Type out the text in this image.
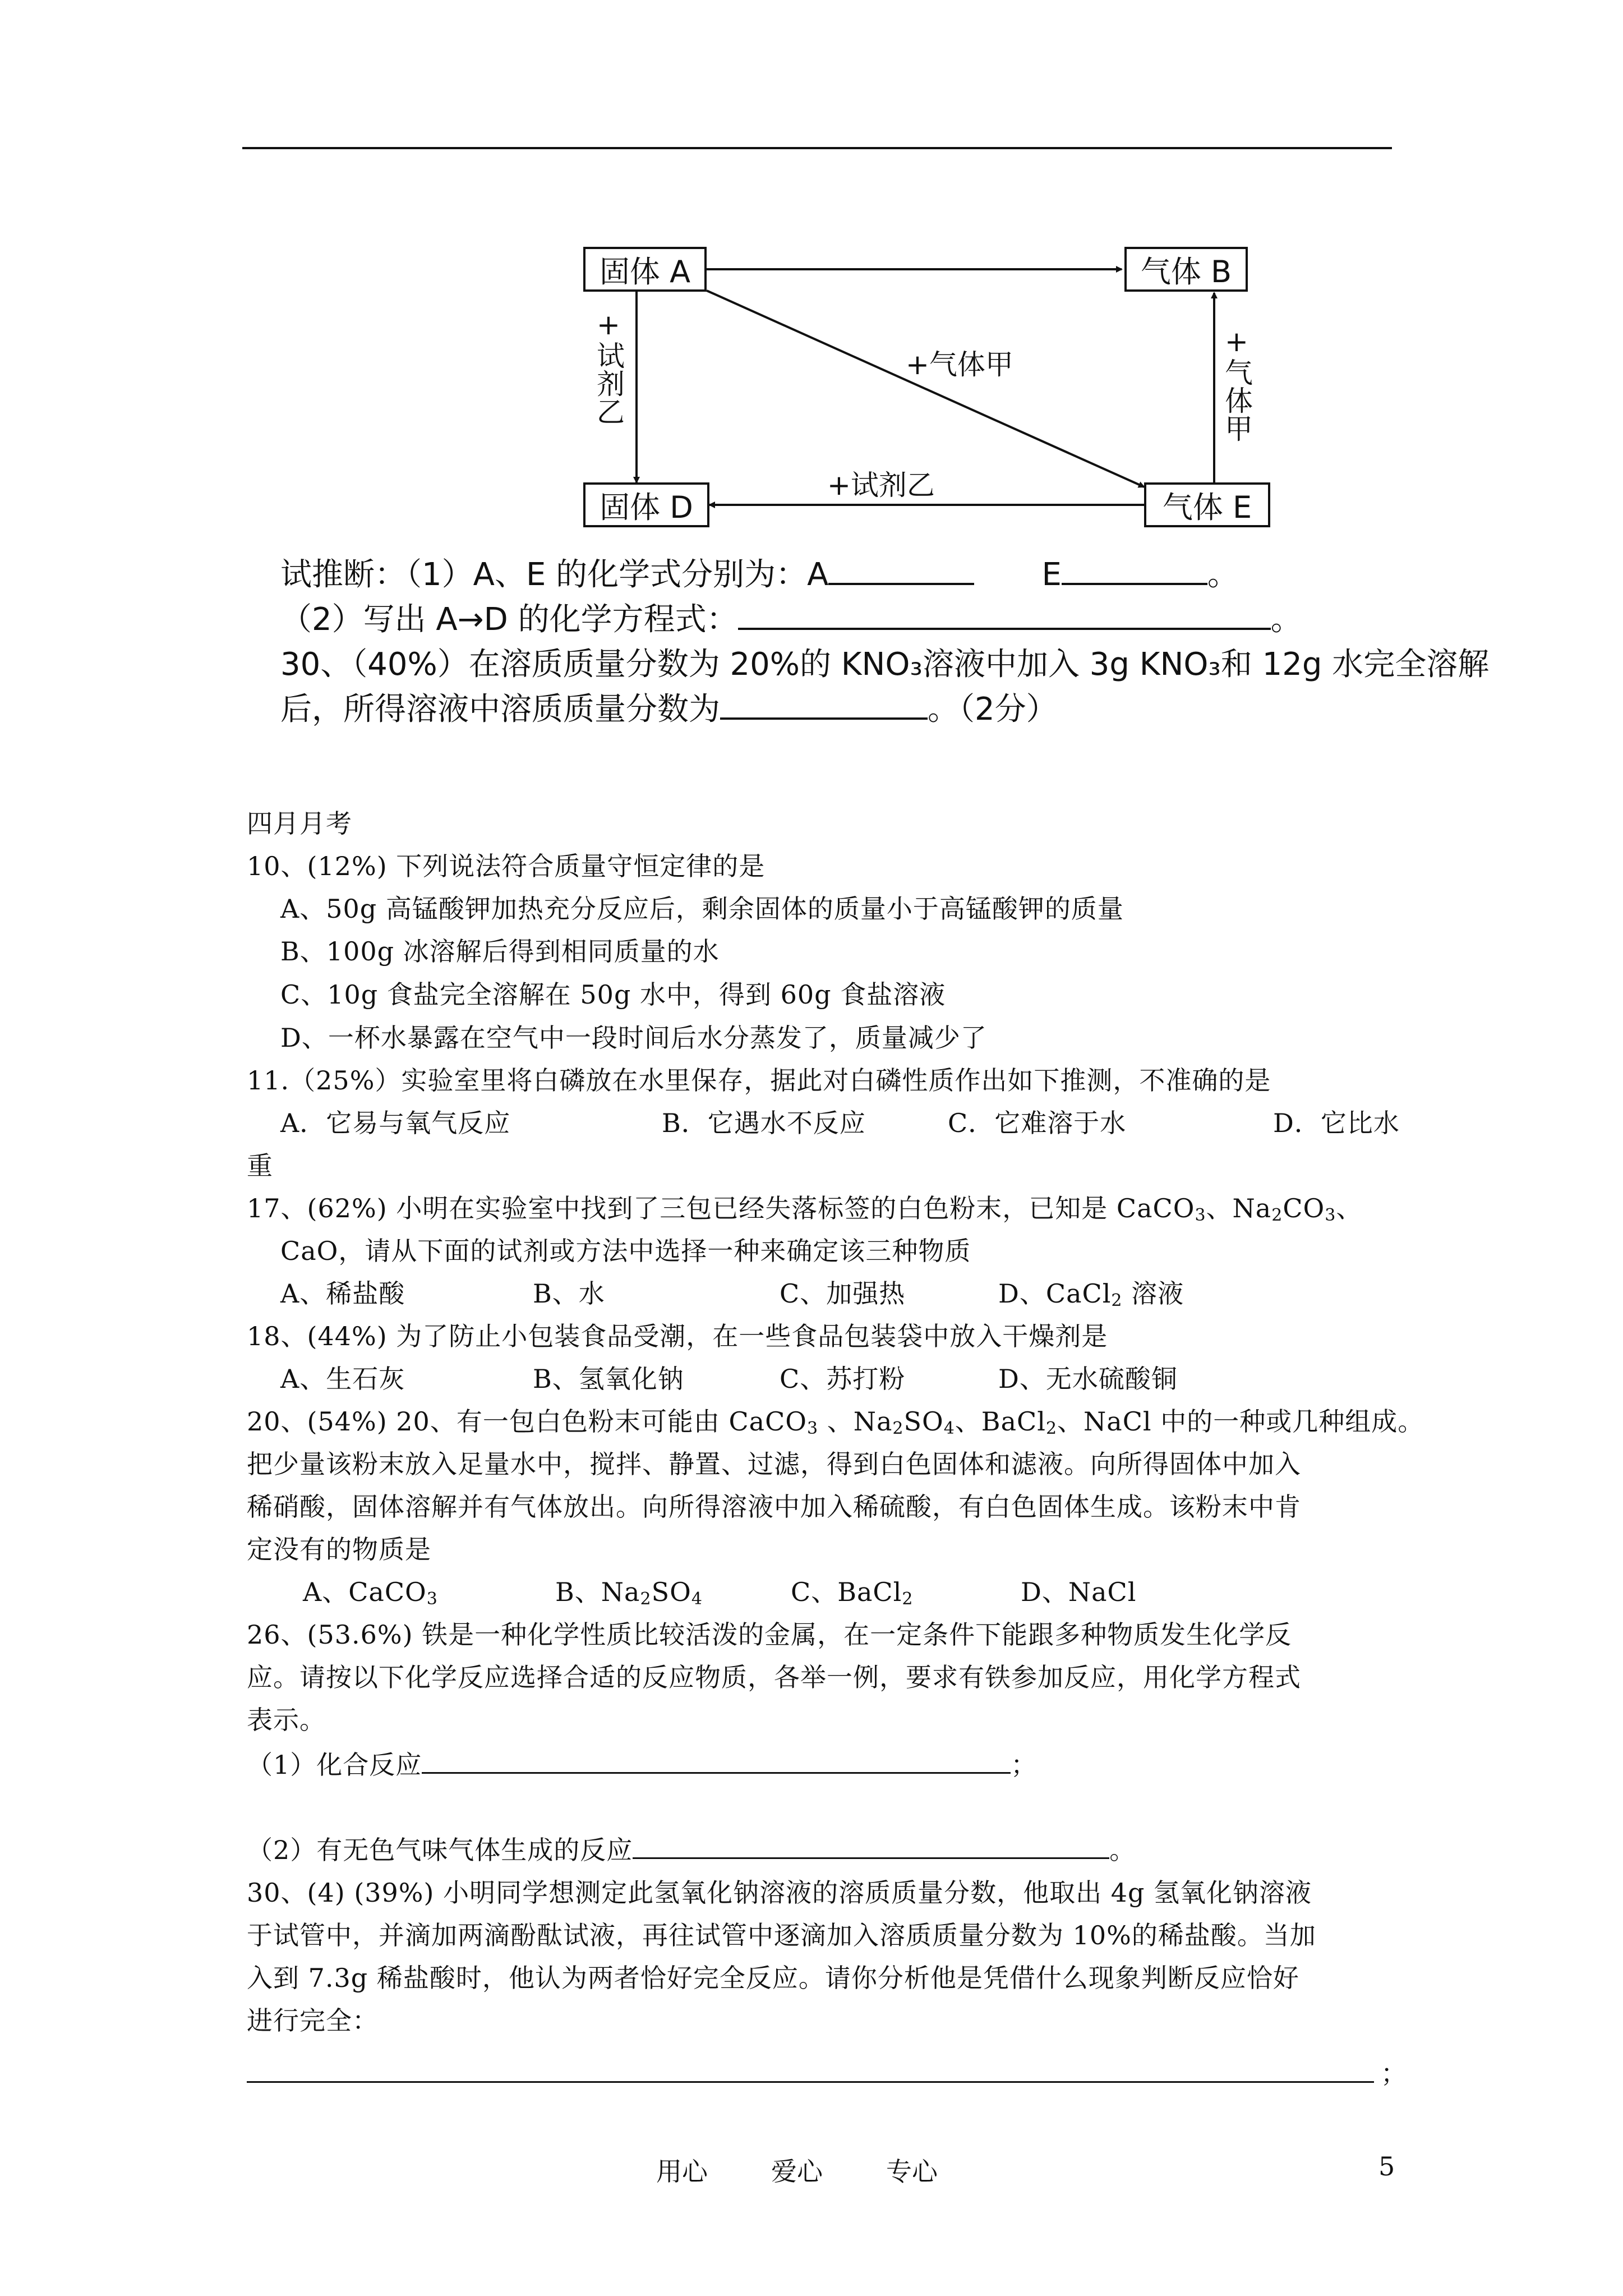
固体 A	气体 B
固体 D	气体 E
+气体甲
+试剂乙
+试剂乙	+气体甲
试推断：（1）A、E 的化学式分别为：A	E	。
（2）写出 A→D 的化学方程式：	。
30、（40%）在溶质质量分数为 20%的 KNO₃溶液中加入 3g KNO₃和 12g 水完全溶解
后，所得溶液中溶质质量分数为	。（2分）
四月月考
10、(12%) 下列说法符合质量守恒定律的是
A、50g 高锰酸钾加热充分反应后，剩余固体的质量小于高锰酸钾的质量
B、100g 冰溶解后得到相同质量的水
C、10g 食盐完全溶解在 50g 水中，得到 60g 食盐溶液
D、一杯水暴露在空气中一段时间后水分蒸发了，质量减少了
11.（25%）实验室里将白磷放在水里保存，据此对白磷性质作出如下推测，不准确的是
A．它易与氧气反应	B．它遇水不反应	C．它难溶于水	D．它比水
重
17、(62%) 小明在实验室中找到了三包已经失落标签的白色粉末，已知是 CaCO$_3$、$Na_2CO_3$、
CaO，请从下面的试剂或方法中选择一种来确定该三种物质
A、稀盐酸	B、水	C、加强热	D、CaCl$_2$ 溶液
18、(44%) 为了防止小包装食品受潮，在一些食品包装袋中放入干燥剂是
A、生石灰	B、氢氧化钠	C、苏打粉	D、无水硫酸铜
20、(54%) 20、有一包白色粉末可能由 CaCO$_3$ 、$Na_2SO_4$、BaCl$_2$、NaCl 中的一种或几种组成。
把少量该粉末放入足量水中，搅拌、静置、过滤，得到白色固体和滤液。向所得固体中加入
稀硝酸，固体溶解并有气体放出。向所得溶液中加入稀硫酸，有白色固体生成。该粉末中肯
定没有的物质是
A、CaCO$_3$	B、$Na_2SO_4$	C、BaCl$_2$	D、NaCl
26、(53.6%) 铁是一种化学性质比较活泼的金属，在一定条件下能跟多种物质发生化学反
应。请按以下化学反应选择合适的反应物质，各举一例，要求有铁参加反应，用化学方程式
表示。
（1）化合反应	；
（2）有无色气味气体生成的反应	。
30、(4) (39%) 小明同学想测定此氢氧化钠溶液的溶质质量分数，他取出 4g 氢氧化钠溶液
于试管中，并滴加两滴酚酞试液，再往试管中逐滴加入溶质质量分数为 10%的稀盐酸。当加
入到 7.3g 稀盐酸时，他认为两者恰好完全反应。请你分析他是凭借什么现象判断反应恰好
进行完全：
；
用心 爱心 专心	5
